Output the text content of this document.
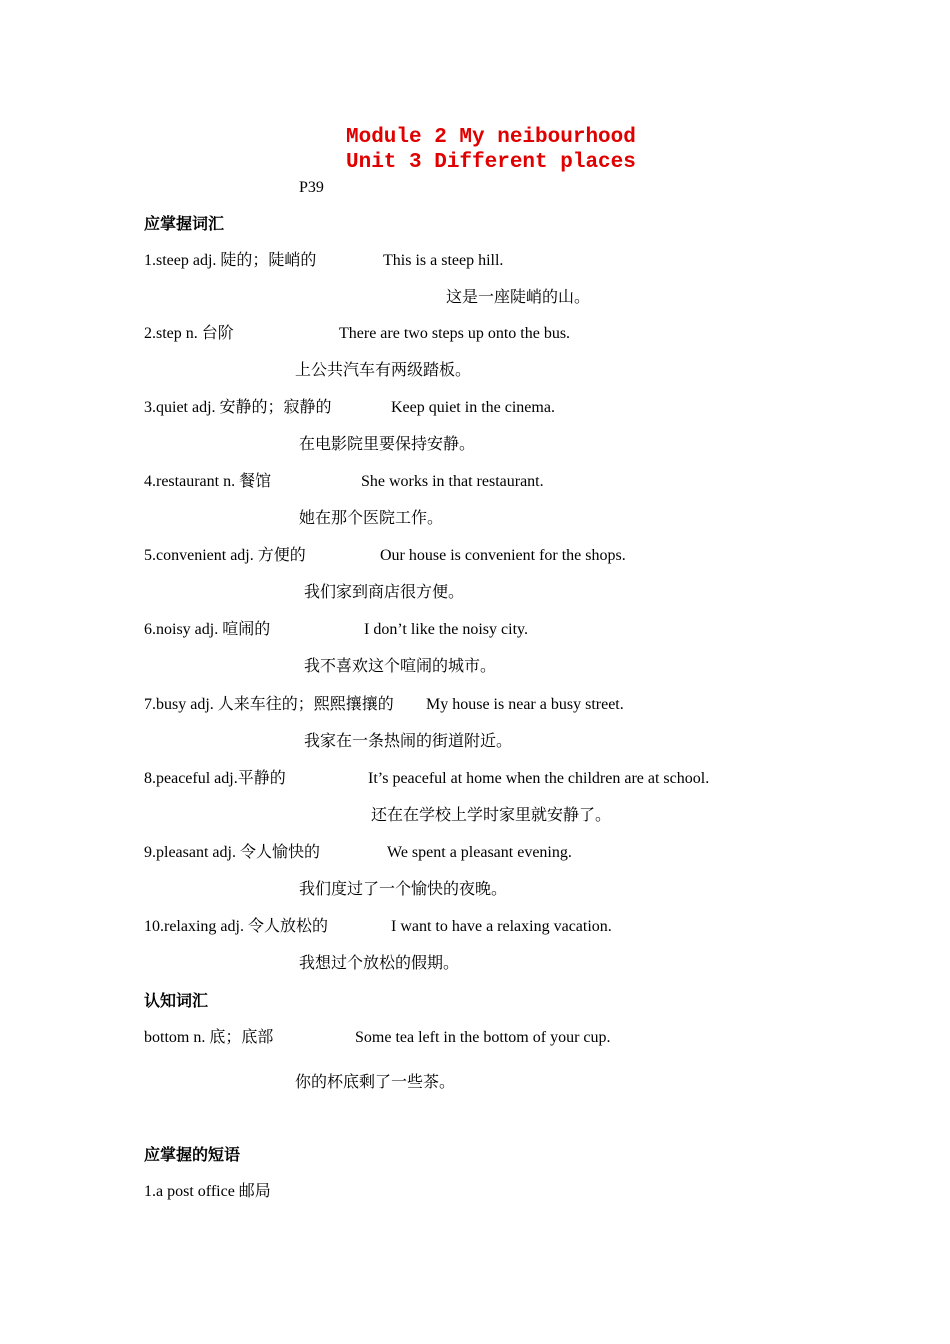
Module 2 My neibourhood
Unit 3 Different places
P39
应掌握词汇
1.steep adj. 陡的；陡峭的	This is a steep hill.
这是一座陡峭的山。
2.step n. 台阶	There are two steps up onto the bus.
上公共汽车有两级踏板。
3.quiet adj. 安静的；寂静的	Keep quiet in the cinema.
在电影院里要保持安静。
4.restaurant n. 餐馆	She works in that restaurant.
她在那个医院工作。
5.convenient adj. 方便的	Our house is convenient for the shops.
我们家到商店很方便。
6.noisy adj. 喧闹的	I don’t like the noisy city.
我不喜欢这个喧闹的城市。
7.busy adj. 人来车往的；熙熙攘攘的 My house is near a busy street.
我家在一条热闹的街道附近。
8.peaceful adj.平静的	It’s peaceful at home when the children are at school.
还在在学校上学时家里就安静了。
9.pleasant adj. 令人愉快的	We spent a pleasant evening.
我们度过了一个愉快的夜晚。
10.relaxing adj. 令人放松的	I want to have a relaxing vacation.
我想过个放松的假期。
认知词汇
bottom n. 底；底部	Some tea left in the bottom of your cup.
你的杯底剩了一些茶。
应掌握的短语
1.a post office 邮局
